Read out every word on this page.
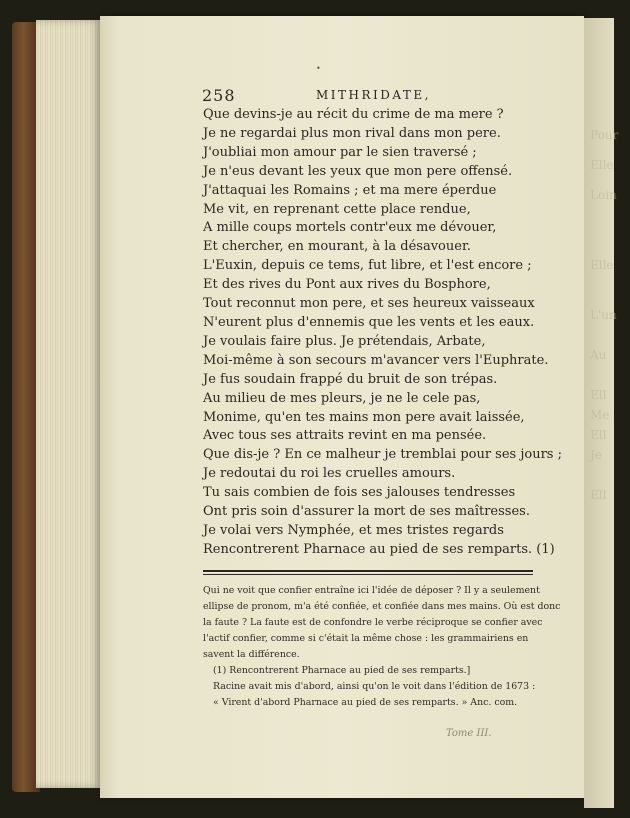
Pour
Elle
Loin
Elle
L'un
Au
Ell
Me
Ell
Je
Ell
•
258	MITHRIDATE,
Que devins-je au récit du crime de ma mere ?
Je ne regardai plus mon rival dans mon pere.
J'oubliai mon amour par le sien traversé ;
Je n'eus devant les yeux que mon pere offensé.
J'attaquai les Romains ; et ma mere éperdue
Me vit, en reprenant cette place rendue,
A mille coups mortels contr'eux me dévouer,
Et chercher, en mourant, à la désavouer.
L'Euxin, depuis ce tems, fut libre, et l'est encore ;
Et des rives du Pont aux rives du Bosphore,
Tout reconnut mon pere, et ses heureux vaisseaux
N'eurent plus d'ennemis que les vents et les eaux.
Je voulais faire plus. Je prétendais, Arbate,
Moi-même à son secours m'avancer vers l'Euphrate.
Je fus soudain frappé du bruit de son trépas.
Au milieu de mes pleurs, je ne le cele pas,
Monime, qu'en tes mains mon pere avait laissée,
Avec tous ses attraits revint en ma pensée.
Que dis-je ? En ce malheur je tremblai pour ses jours ;
Je redoutai du roi les cruelles amours.
Tu sais combien de fois ses jalouses tendresses
Ont pris soin d'assurer la mort de ses maîtresses.
Je volai vers Nymphée, et mes tristes regards
Rencontrerent Pharnace au pied de ses remparts. (1)
Qui ne voit que confier entraîne ici l'idée de déposer ? Il y a seulement
ellipse de pronom, m'a été confiée, et confiée dans mes mains. Où est donc
la faute ? La faute est de confondre le verbe réciproque se confier avec
l'actif confier, comme si c'était la même chose : les grammairiens en
savent la différence.
(1) Rencontrerent Pharnace au pied de ses remparts.]
Racine avait mis d'abord, ainsi qu'on le voit dans l'édition de 1673 :
« Virent d'abord Pharnace au pied de ses remparts. » Anc. com.
Tome III.
